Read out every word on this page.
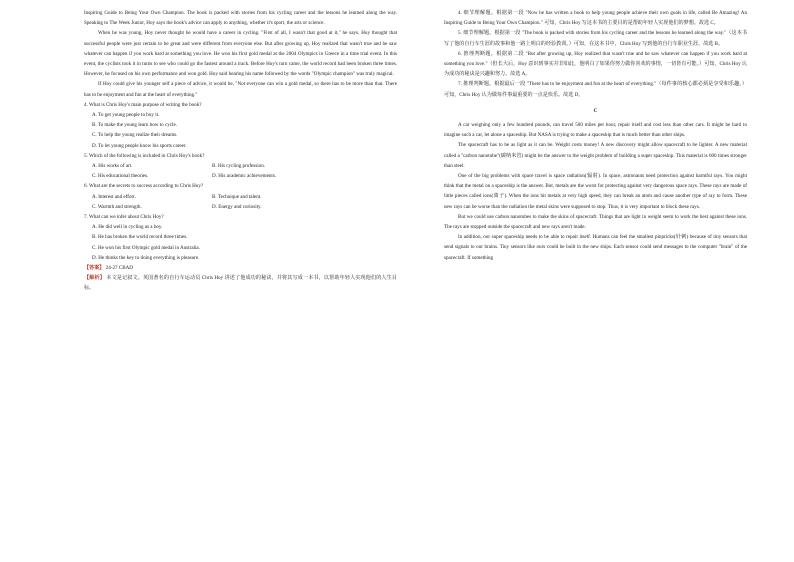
Inspiring Guide to Being Your Own Champion. The book is packed with stories from his cycling career and the lessons he learned along the way. Speaking to The Week Junior, Hoy says the book's advice can apply to anything, whether it's sport, the arts or science.

When he was young, Hoy never thought he would have a career in cycling. "First of all, I wasn't that good at it," he says. Hoy thought that successful people were just certain to be great and were different from everyone else. But after growing up, Hoy realized that wasn't true and he saw whatever can happen if you work hard at something you love. He won his first gold medal at the 2004 Olympics in Greece in a time trial event. In this event, the cyclists took it in turns to see who could go the fastest around a track. Before Hoy's turn came, the world record had been broken three times. However, he focused on his own performance and won gold. Hoy said hearing his name followed by the words "Olympic champion" was truly magical.

If Hoy could give his younger self a piece of advice, it would be, "Not everyone can win a gold medal, so there has to be more than that. There has to be enjoyment and fun at the heart of everything."

4. What is Chris Hoy's main purpose of writing the book?

A. To get young people to buy it.

B. To make the young learn how to cycle.

C. To help the young realize their dreams.

D. To let young people know his sports career.

5. Which of the following is included in Chris Hoy's book?

A. His works of art.	B. His cycling profession.
C. His educational theories.	D. His academic achievements.

6. What are the secrets to success according to Chris Hoy?

A. Interest and effort.	B. Technique and talent.
C. Warmth and strength.	D. Energy and curiosity.

7. What can we infer about Chris Hoy?

A. He did well in cycling as a boy.

B. He has broken the world record three times.

C. He won his first Olympic gold medal in Australia.

D. He thinks the key to doing everything is pleasure.

【答案】 24-27 CBAD

【解析】 本文是记叙文。英国著名的自行车运动员 Chris Hoy 讲述了他成功的秘诀，并将其写成一本书，以帮助年轻人实现他们的人生目标。

4. 细节理解题。根据第一段 "Now he has written a book to help young people achieve their own goals in life, called Be Amazing! An Inspiring Guide to Being Your Own Champion." 可知，Chris Hoy 写这本书的主要目的是帮助年轻人实现他们的梦想。故选 C。

5. 细节理解题。根据第一段 "The book is packed with stories from his cycling career and the lessons he learned along the way."（这本书写了他的自行车生涯的故事和他一路上明白的经验教训。）可知，在这本书中，Chris Hoy 写到他的自行车职业生涯。故选 B。

6. 推理判断题。根据第二段 "But after growing up, Hoy realized that wasn't true and he saw whatever can happen if you work hard at something you love."（但长大后，Hoy 意识到事实并非如此，他明白了如果你努力做你喜欢的事情，一切皆有可能。）可知，Chris Hoy 认为成功的秘诀是兴趣和努力。故选 A。

7. 推理判断题。根据最后一段 "There has to be enjoyment and fun at the heart of everything."（每件事的核心都必须是享受和乐趣。）可知，Chris Hoy 认为做每件事最重要的一点是快乐。故选 D。

C

A car weighing only a few hundred pounds, can travel 500 miles per hour, repair itself and cost less than other cars. It might be hard to imagine such a car, let alone a spaceship. But NASA is trying to make a spaceship that is much better than other ships.

The spacecraft has to be as light as it can be. Weight costs money! A new discovery might allow spacecraft to be lighter. A new material called a "carbon nanotube"(碳纳米管) might be the answer to the weight problem of building a super spaceship. This material is 600 times stronger than steel.

One of the big problems with space travel is space radiation(辐射). In space, astronauts need protection against harmful rays. You might think that the metal on a spaceship is the answer. But, metals are the worst for protecting against very dangerous space rays. These rays are made of little pieces called ions(离子). When the ions hit metals at very high speed, they can break an atom and cause another type of ray to form. These new rays can be worse than the radiation the metal skins were supposed to stop. Thus, it is very important to block these rays.

But we could use carbon nanotubes to make the skins of spacecraft. Things that are light in weight seem to work the best against these ions. The rays are stopped outside the spacecraft and new rays aren't made.

In addition, our super spaceship needs to be able to repair itself. Humans can feel the smallest pinpricks(针刺) because of tiny sensors that send signals to our brains. Tiny sensors like ours could be built in the new ships. Each sensor could send messages to the computer "brain" of the spacecraft. If something
